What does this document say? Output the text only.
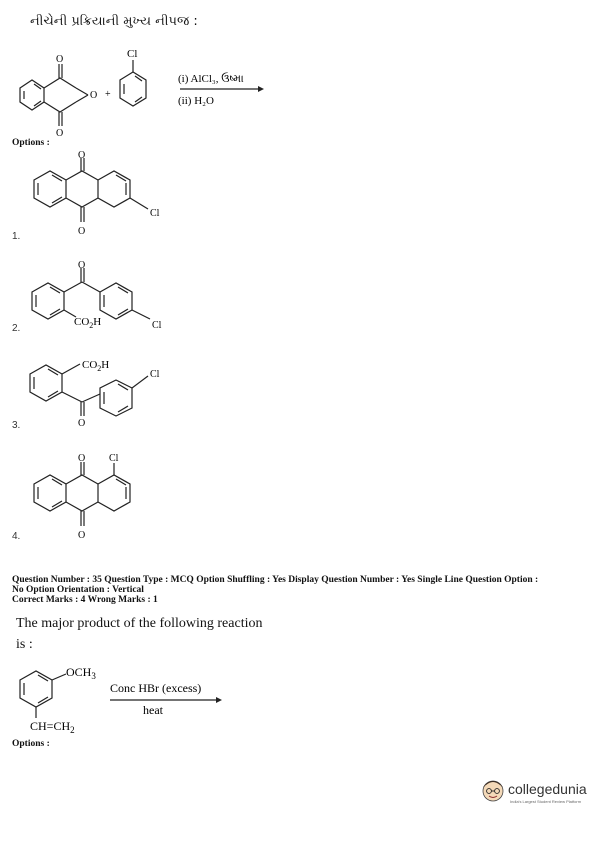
નીચેની પ્રક્રિયાની મુખ્ય નીપજ :
O
O
O +
Cl
(i) AlCl₃, ઉષ્મા
(ii) H₂O
Options :
O
O
Cl
1.
O
$CO_2H$	Cl
2.
$CO_2H$
O
Cl
3.
O
O
Cl
4.
Question Number : 35 Question Type : MCQ Option Shuffling : Yes Display Question Number : Yes Single Line Question Option :
No Option Orientation : Vertical
Correct Marks : 4 Wrong Marks : 1
The major product of the following reaction
is :
$OCH_3$
$CH=CH_2$
Conc HBr (excess)
heat
Options :
collegedunia
India's Largest Student Review Platform
